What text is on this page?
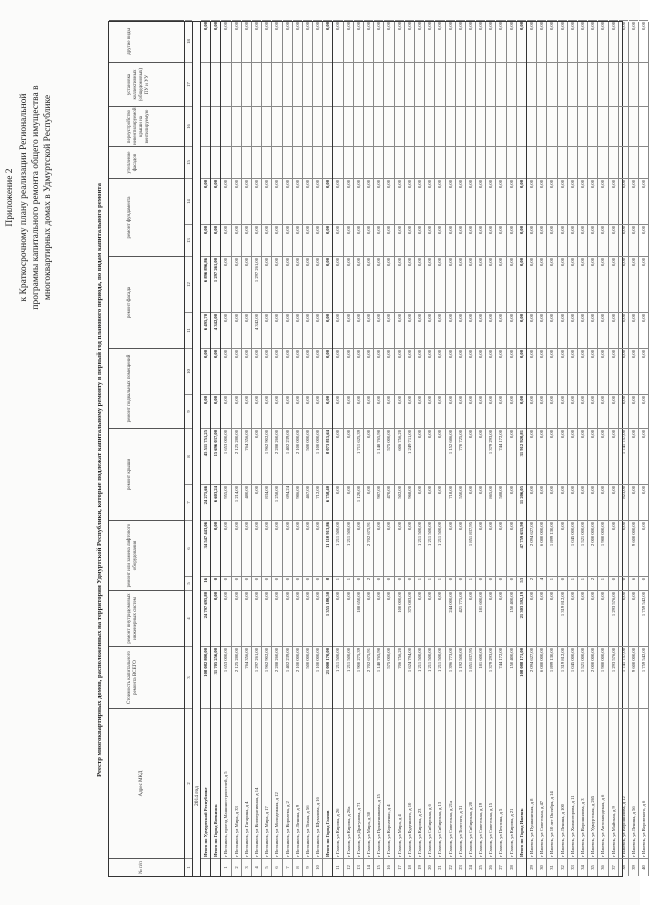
Приложение 2 к Краткосрочному плану реализации Региональной программы капитального ремонта общего имущества в многоквартирных домах в Удмуртской Республике	Реестр многоквартирных домов, расположенных на территории Удмуртской Республики, которые подлежат капитальному ремонту в первый год планового периода, по видам капитального ремонта
№ п/п
Адрес МКД
Стоимость капитального ремонта ВСЕГО
ремонт внутридомовых инженерных систем
ремонт или замена лифтового оборудования
ремонт крыши
ремонт подвальных помещений
ремонт фасада
ремонт фундамента
утепление фасадов
переустройство невентилируемой крыши на вентилируемую
установка коллективных (общедомовых) ПУ и УУ
другие виды
1
2
3
4
5
6
7
8
9
10
11
12
13
14
15
16
17
18
2014 год Итого по Удмуртской Республике
108 082 800,00
24 797 695,80
16
34 547 443,06
24 275,66
45 511 751,25
0,00
0,00
6 495,70
6 896 896,86
0,00
0,00
0,00
Итого по Город Воткинск
31 705 256,00
0,00
0
0,00
6 603,24
15 696 037,00
0,00
0,00
4 342,00
1 297 261,00
0,00
0,00
0,00
1
г Воткинск, проезд Машиностроителей, д 5
1 653 000,00
0,00
0
0,00
955,00
1 653 000,00
0,00
0,00
0,00
0,00
0,00
0,00
0,00
2
г Воткинск, ул Мира, д 33
2 125 280,00
0,00
0
0,00
1 214,00
2 125 280,00
0,00
0,00
0,00
0,00
0,00
0,00
0,00
3
г Воткинск, ул Гагарина, д 4
764 356,00
0,00
0
0,00
480,00
764 356,00
0,00
0,00
0,00
0,00
0,00
0,00
0,00
4
г Воткинск, ул Кооперативная, д 14
1 297 261,00
0,00
0
0,00
0,00
0,00
0,00
0,00
4 342,00
1 297 261,00
0,00
0,00
0,00
5
г Воткинск, ул Мира, д 17
1 962 902,00
0,00
0
0,00
834,00
1 962 902,00
0,00
0,00
0,00
0,00
0,00
0,00
0,00
6
г Воткинск, ул Молодежная, д 12
2 288 260,00
0,00
0
0,00
1 258,00
2 288 260,00
0,00
0,00
0,00
0,00
0,00
0,00
0,00
7
г Воткинск, ул Королева, д 2
1 402 239,00
0,00
0
0,00
694,24
1 402 239,00
0,00
0,00
0,00
0,00
0,00
0,00
0,00
8
г Воткинск, ул Ленина, д 9
2 100 000,00
0,00
0
0,00
986,00
2 100 000,00
0,00
0,00
0,00
0,00
0,00
0,00
0,00
9
г Воткинск, ул Тихая, д 56
500 000,00
0,00
0
0,00
467,00
500 000,00
0,00
0,00
0,00
0,00
0,00
0,00
0,00
10
г Воткинск, ул Шувалова, д 16
1 100 000,00
0,00
0
0,00
712,00
1 100 000,00
0,00
0,00
0,00
0,00
0,00
0,00
0,00
Итого по Город Глазов
21 000 170,00
1 355 180,50
8
11 110 913,86
6 758,40
8 073 815,64
0,00
0,00
0,00
0,00
0,00
0,00
0,00
11
г Глазов, ул Кирова, д 26
1 211 500,00
0,00
1
1 211 500,00
0,00
0,00
0,00
0,00
0,00
0,00
0,00
0,00
0,00
12
г Глазов, ул Кирова, д 26а
1 211 500,00
0,00
1
1 211 500,00
0,00
0,00
0,00
0,00
0,00
0,00
0,00
0,00
0,00
13
г Глазов, ул Драгунова, д 71
1 900 275,39
188 650,00
0
0,00
1 120,00
1 711 625,39
0,00
0,00
0,00
0,00
0,00
0,00
0,00
14
г Глазов, ул Мира, д 30
2 702 675,91
0,00
2
2 702 675,91
0,00
0,00
0,00
0,00
0,00
0,00
0,00
0,00
0,00
15
г Глазов, ул Пряженникова, д 15
1 148 765,98
0,00
0
0,00
987,00
1 148 765,98
0,00
0,00
0,00
0,00
0,00
0,00
0,00
16
г Глазов, ул Короленко, д 4
575 000,00
0,00
0
0,00
470,00
575 000,00
0,00
0,00
0,00
0,00
0,00
0,00
0,00
17
г Глазов, ул Мира, д 4
706 756,20
100 000,00
0
0,00
502,00
606 756,20
0,00
0,00
0,00
0,00
0,00
0,00
0,00
18
г Глазов, ул Буденного, д 10
1 624 794,00
375 083,00
0
0,00
968,00
1 249 711,00
0,00
0,00
0,00
0,00
0,00
0,00
0,00
19
г Глазов, ул Кирова, д 23
1 211 500,00
0,00
1
1 211 500,00
0,00
0,00
0,00
0,00
0,00
0,00
0,00
0,00
0,00
20
г Глазов, ул Сибирская, д 6
1 211 500,00
0,00
1
1 211 500,00
0,00
0,00
0,00
0,00
0,00
0,00
0,00
0,00
0,00
21
г Глазов, ул Сибирская, д 13
1 211 500,00
0,00
1
1 211 500,00
0,00
0,00
0,00
0,00
0,00
0,00
0,00
0,00
0,00
22
г Глазов, ул Советская, д 21а
1 396 773,00
244 000,00
0
0,00
718,00
1 152 686,00
0,00
0,00
0,00
0,00
0,00
0,00
0,00
23
г Глазов, ул Толстого, д 31
1 192 500,00
421 775,00
0
0,00
550,00
770 725,00
0,00
0,00
0,00
0,00
0,00
0,00
0,00
24
г Глазов, ул Сибирская, д 20
1 851 837,95
0,00
1
1 851 837,95
0,00
0,00
0,00
0,00
0,00
0,00
0,00
0,00
0,00
25
г Глазов, ул Советская, д 19
181 600,00
181 600,00
0
0,00
0,00
0,00
0,00
0,00
0,00
0,00
0,00
0,00
0,00
26
г Глазов, ул Советская, д 15
1 379 293,00
0,00
0
0,00
865,00
1 379 293,00
0,00
0,00
0,00
0,00
0,00
0,00
0,00
27
г Глазов, ул Пехтина, д 5
744 172,00
0,00
0
0,00
588,00
744 172,00
0,00
0,00
0,00
0,00
0,00
0,00
0,00
28
г Глазов, ул Кирова, д 21
150 400,00
150 400,00
0
0,00
0,00
0,00
0,00
0,00
0,00
0,00
0,00
0,00
0,00
Итого по Город Ижевск
108 088 171,00
21 303 592,19
53
47 759 635,90
11 206,05
31 912 920,81
0,00
0,00
0,00
0,00
0,00
0,00
0,00
29
г Ижевск, ул Пушкинская, д 8
2 094 627,00
0,00
2
2 094 627,00
0,00
0,00
0,00
0,00
0,00
0,00
0,00
0,00
0,00
30
г Ижевск, ул Советская, д 47
6 080 000,00
0,00
4
6 080 000,00
0,00
0,00
0,00
0,00
0,00
0,00
0,00
0,00
0,00
31
г Ижевск, ул 10 лет Октября, д 14
1 899 130,00
0,00
1
1 899 130,00
0,00
0,00
0,00
0,00
0,00
0,00
0,00
0,00
0,00
32
г Ижевск, ул Ленина, д 100
1 319 812,00
1 319 812,00
0
0,00
0,00
0,00
0,00
0,00
0,00
0,00
0,00
0,00
0,00
33
г Ижевск, ул Холмогорова, д 11
1 045 000,00
0,00
1
1 045 000,00
0,00
0,00
0,00
0,00
0,00
0,00
0,00
0,00
0,00
34
г Ижевск, ул Ворошилова, д 3
1 521 000,00
0,00
1
1 521 000,00
0,00
0,00
0,00
0,00
0,00
0,00
0,00
0,00
0,00
35
г Ижевск, ул Удмуртская, д 265
2 000 000,00
0,00
2
2 000 000,00
0,00
0,00
0,00
0,00
0,00
0,00
0,00
0,00
0,00
36
г Ижевск, ул Автозаводская, д 6
1 980 000,00
0,00
1
1 980 000,00
0,00
0,00
0,00
0,00
0,00
0,00
0,00
0,00
0,00
37
г Ижевск, ул Майская, д 9
1 293 576,00
1 293 576,00
0
0,00
0,00
0,00
0,00
0,00
0,00
0,00
0,00
0,00
0,00
38
г Ижевск, ул Ворошилова, д 12
1 741 757,00
0,00
0
0,00
823,00
1 741 757,00
0,00
0,00
0,00
0,00
0,00
0,00
0,00
39
г Ижевск, ул Ленина, д 56
9 600 000,00
0,00
6
9 600 000,00
0,00
0,00
0,00
0,00
0,00
0,00
0,00
0,00
0,00
40
г Ижевск, ул Воровского, д 6
1 759 542,00
1 759 542,00
0
0,00
0,00
0,00
0,00
0,00
0,00
0,00
0,00
0,00
0,00
